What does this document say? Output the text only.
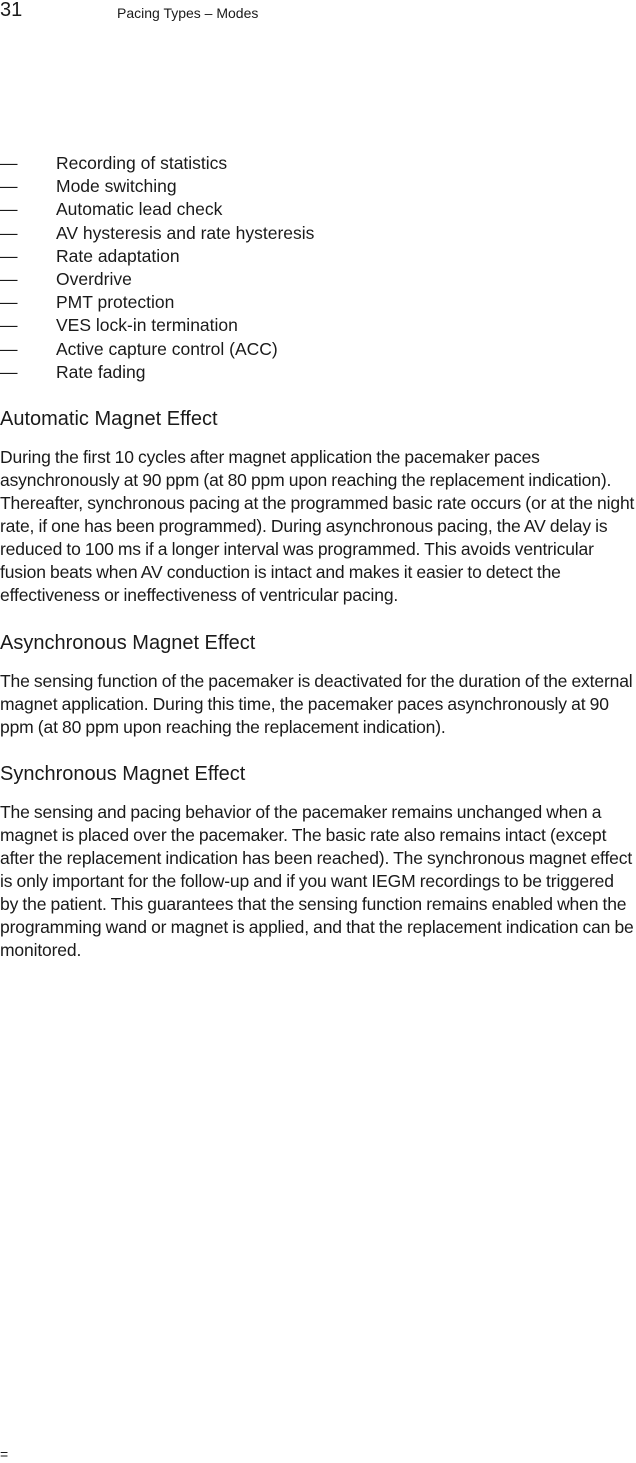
31	Pacing Types – Modes
—	Recording of statistics
—	Mode switching
—	Automatic lead check
—	AV hysteresis and rate hysteresis
—	Rate adaptation
—	Overdrive
—	PMT protection
—	VES lock-in termination
—	Active capture control (ACC)
—	Rate fading
Automatic Magnet Effect

During the first 10 cycles after magnet application the pacemaker paces asynchronously at 90 ppm (at 80 ppm upon reaching the replacement indication). Thereafter, synchronous pacing at the programmed basic rate occurs (or at the night rate, if one has been programmed). During asynchronous pacing, the AV delay is reduced to 100 ms if a longer interval was programmed. This avoids ventricular fusion beats when AV conduction is intact and makes it easier to detect the effectiveness or ineffectiveness of ventricular pacing.

Asynchronous Magnet Effect

The sensing function of the pacemaker is deactivated for the duration of the external magnet application. During this time, the pacemaker paces asynchronously at 90 ppm (at 80 ppm upon reaching the replacement indication).

Synchronous Magnet Effect

The sensing and pacing behavior of the pacemaker remains unchanged when a magnet is placed over the pacemaker. The basic rate also remains intact (except after the replacement indication has been reached). The synchronous magnet effect is only important for the follow-up and if you want IEGM recordings to be triggered by the patient. This guarantees that the sensing function remains enabled when the programming wand or magnet is applied, and that the replacement indication can be monitored.

=
